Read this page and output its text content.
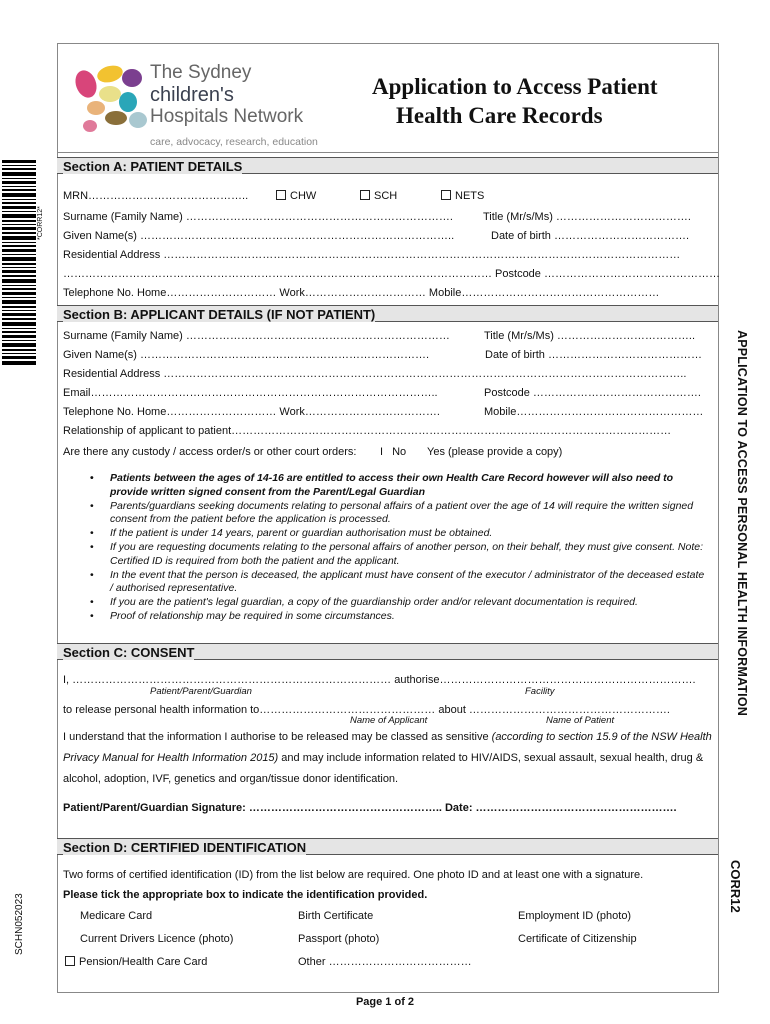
The Sydney
children's
Hospitals Network
care, advocacy, research, education
Application to Access Patient
Health Care Records
*CORR12*
APPLICATION TO ACCESS PERSONAL HEALTH INFORMATION
CORR12
SCHN052023
Section A: PATIENT DETAILS
MRN……………………………………..	CHW	SCH	NETS
Surname (Family Name) ……………………………………………………………….	Title (Mr/s/Ms) ……………………………….
Given Name(s) …………………………………………………………………………..	Date of birth ……………………………….
Residential Address ……………………………………………………………………………………………………………………………
……………………………………………………………………………………………………… Postcode …………………………………………
Telephone No. Home………………………… Work…………………………… Mobile………………………………………………
Section B: APPLICANT DETAILS (IF NOT PATIENT)
Surname (Family Name) ………………………………………………………………	Title (Mr/s/Ms) ………………………………..
Given Name(s) …………………………………………………………………….	Date of birth ……………………………………
Residential Address ……………………………………………………………………………………………………………………………..
Email…………………………………………………………………………………..	Postcode ……………………………………….
Telephone No. Home………………………… Work……………………………….	Mobile……………………………………………
Relationship of applicant to patient…………………………………………………………………………………………………………
Are there any custody / access order/s or other court orders: I No Yes (please provide a copy)
• Patients between the ages of 14-16 are entitled to access their own Health Care Record however will also need to provide written signed consent from the Parent/Legal Guardian
• Parents/guardians seeking documents relating to personal affairs of a patient over the age of 14 will require the written signed consent from the patient before the application is processed.
• If the patient is under 14 years, parent or guardian authorisation must be obtained.
• If you are requesting documents relating to the personal affairs of another person, on their behalf, they must give consent. Note: Certified ID is required from both the patient and the applicant.
• In the event that the person is deceased, the applicant must have consent of the executor / administrator of the deceased estate / authorised representative.
• If you are the patient's legal guardian, a copy of the guardianship order and/or relevant documentation is required.
• Proof of relationship may be required in some circumstances.
Section C: CONSENT
I, …………………………………………………………………………… authorise…………………………………………………………….
Patient/Parent/Guardian	Facility
to release personal health information to………………………………………… about ……………………………………………….
Name of Applicant	Name of Patient
I understand that the information I authorise to be released may be classed as sensitive (according to section 15.9 of the NSW Health Privacy Manual for Health Information 2015) and may include information related to HIV/AIDS, sexual assault, sexual health, drug & alcohol, adoption, IVF, genetics and organ/tissue donor identification.
Patient/Parent/Guardian Signature: …………………………………………….. Date: ……………………………………………….
Section D: CERTIFIED IDENTIFICATION
Two forms of certified identification (ID) from the list below are required. One photo ID and at least one with a signature.
Please tick the appropriate box to indicate the identification provided.
Medicare Card	Birth Certificate	Employment ID (photo)
Current Drivers Licence (photo)	Passport (photo)	Certificate of Citizenship
Pension/Health Care Card	Other …………………………………
Page 1 of 2
